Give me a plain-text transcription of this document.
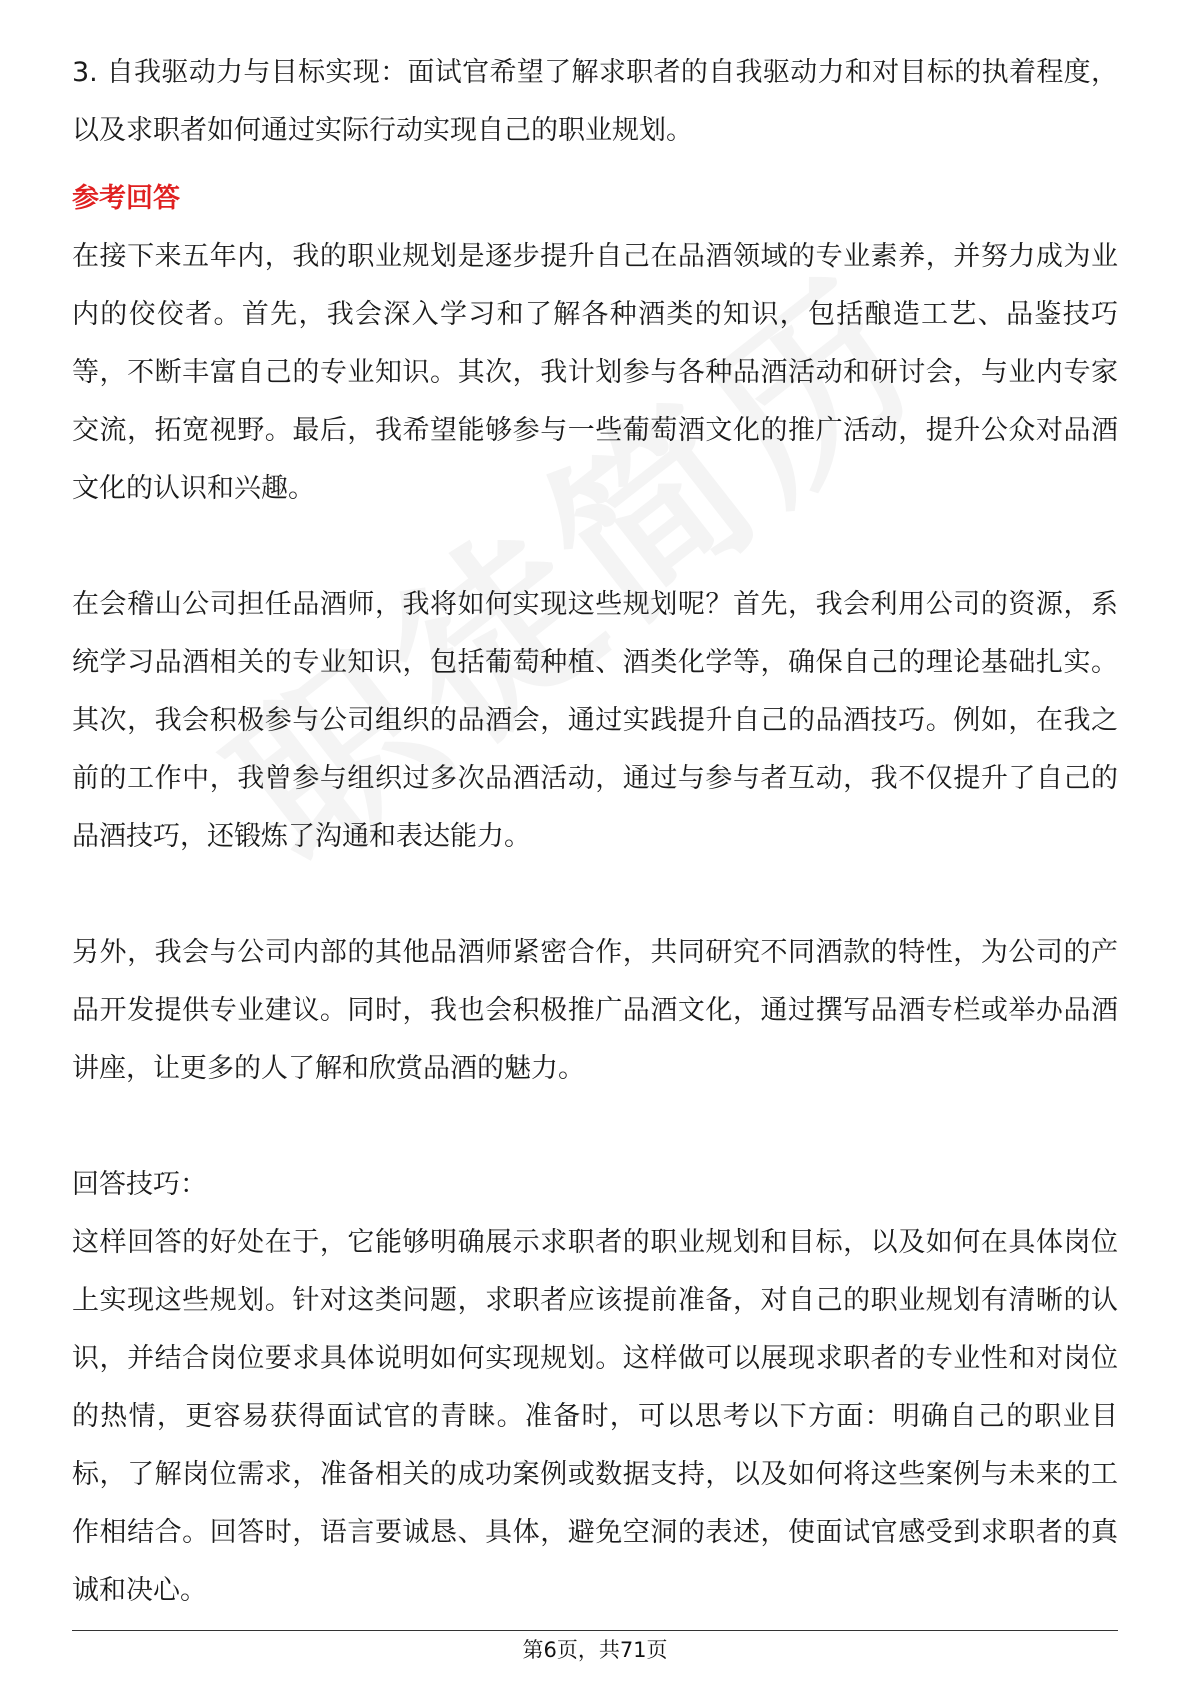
3. 自我驱动力与目标实现：面试官希望了解求职者的自我驱动力和对目标的执着程度，以及求职者如何通过实际行动实现自己的职业规划。

参考回答

在接下来五年内，我的职业规划是逐步提升自己在品酒领域的专业素养，并努力成为业内的佼佼者。首先，我会深入学习和了解各种酒类的知识，包括酿造工艺、品鉴技巧等，不断丰富自己的专业知识。其次，我计划参与各种品酒活动和研讨会，与业内专家交流，拓宽视野。最后，我希望能够参与一些葡萄酒文化的推广活动，提升公众对品酒文化的认识和兴趣。

在会稽山公司担任品酒师，我将如何实现这些规划呢？首先，我会利用公司的资源，系统学习品酒相关的专业知识，包括葡萄种植、酒类化学等，确保自己的理论基础扎实。其次，我会积极参与公司组织的品酒会，通过实践提升自己的品酒技巧。例如，在我之前的工作中，我曾参与组织过多次品酒活动，通过与参与者互动，我不仅提升了自己的品酒技巧，还锻炼了沟通和表达能力。

另外，我会与公司内部的其他品酒师紧密合作，共同研究不同酒款的特性，为公司的产品开发提供专业建议。同时，我也会积极推广品酒文化，通过撰写品酒专栏或举办品酒讲座，让更多的人了解和欣赏品酒的魅力。

回答技巧：

这样回答的好处在于，它能够明确展示求职者的职业规划和目标，以及如何在具体岗位上实现这些规划。针对这类问题，求职者应该提前准备，对自己的职业规划有清晰的认识，并结合岗位要求具体说明如何实现规划。这样做可以展现求职者的专业性和对岗位的热情，更容易获得面试官的青睐。准备时，可以思考以下方面：明确自己的职业目标，了解岗位需求，准备相关的成功案例或数据支持，以及如何将这些案例与未来的工作相结合。回答时，语言要诚恳、具体，避免空洞的表述，使面试官感受到求职者的真诚和决心。

第6页，共71页
